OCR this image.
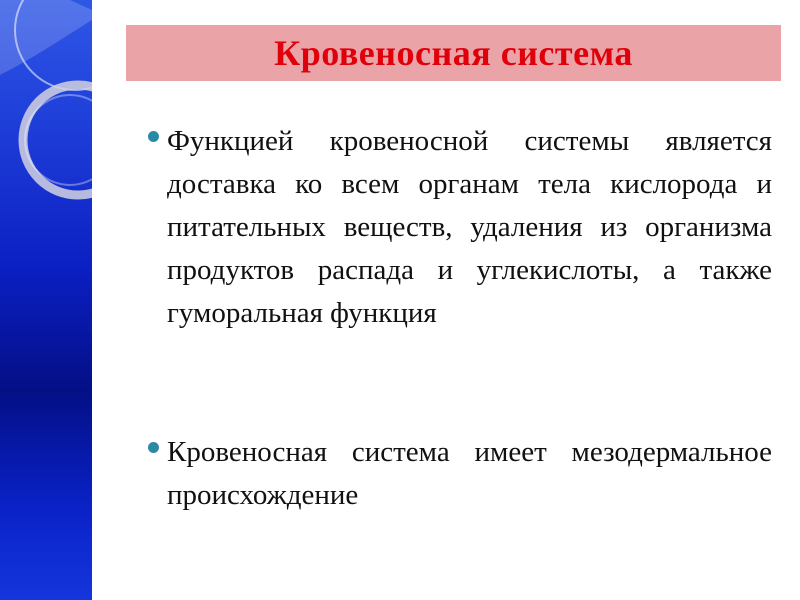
Кровеносная система
Функцией кровеносной системы является доставка ко всем органам тела кислорода и питательных веществ, удаления из организма продуктов распада и углекислоты, а также гуморальная функция
Кровеносная система имеет мезодермальное происхождение
